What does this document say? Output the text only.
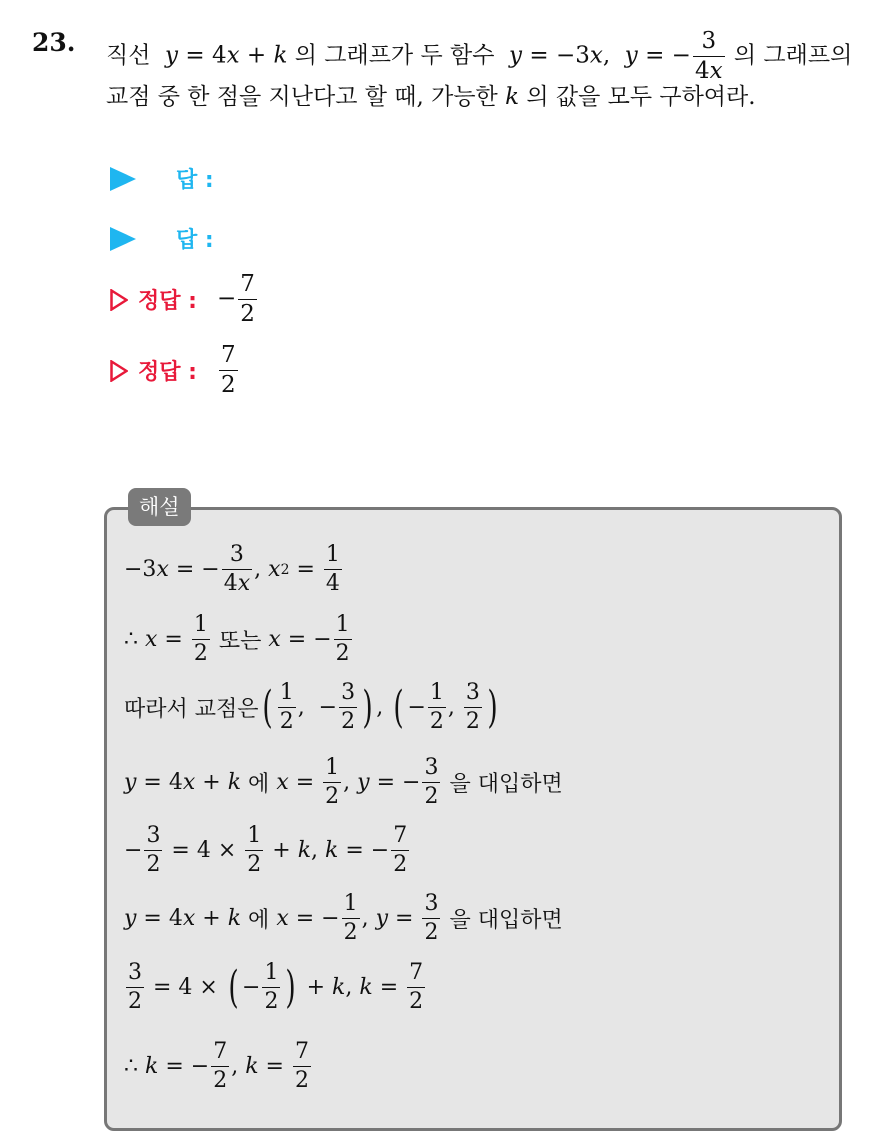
23. 직선  y = 4x + k 의 그래프가 두 함수  y = −3x,  y = − $\frac{3}{4x}$ 의 그래프의
교점 중 한 점을 지난다고 할 때, 가능한 k 의 값을 모두 구하여라.
답 :
답 :
정답 : − $\frac{7}{2}$
정답 : $\frac{7}{2}$
해설
−3 x = − $\frac{3}{4x}$ , x $2 = \frac{1}{4}$
∴ $x = \frac{1}{2}$
또는
x = − $\frac{1}{2}$
따라서 교점은 ( $\frac{1}{2}$ ,  − $\frac{3}{2}$ ) , ( − $\frac{1}{2}$ , $\frac{3}{2}$ )
y = 4 x + k
에
$x = \frac{1}{2}$ , y = − $\frac{3}{2}$
을 대입하면
− $\frac{3}{2} = 4 \times \frac{1}{2} + k$ , k = − $\frac{7}{2}$
y = 4 x + k
에
x = − $\frac{1}{2}$ , $y = \frac{3}{2}$
을 대입하면
$\frac{3}{2} = 4$ × ( − $\frac{1}{2}$ ) + k , $k = \frac{7}{2}$
∴ k = − $\frac{7}{2}$ , $k = \frac{7}{2}$
